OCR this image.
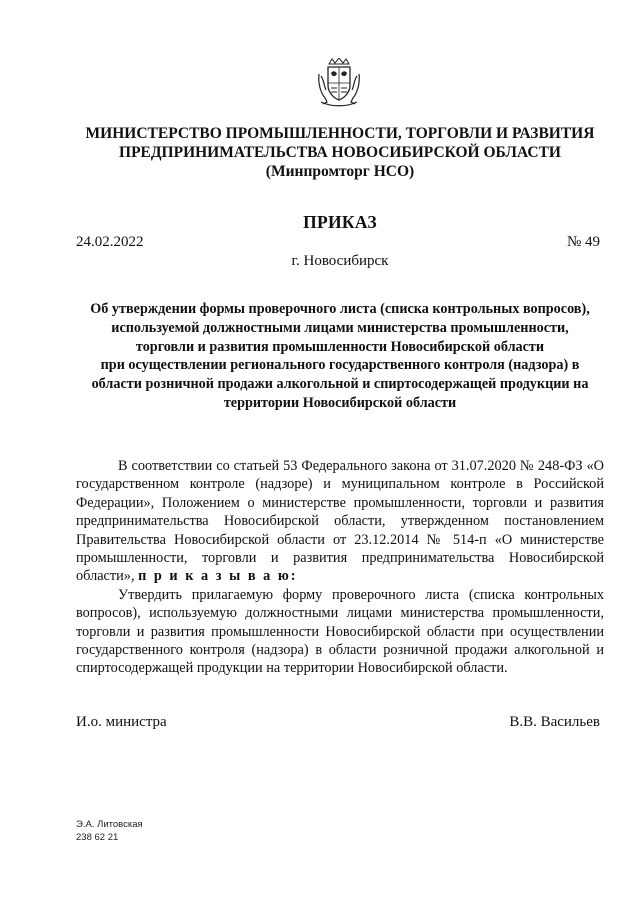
МИНИСТЕРСТВО ПРОМЫШЛЕННОСТИ, ТОРГОВЛИ И РАЗВИТИЯ
ПРЕДПРИНИМАТЕЛЬСТВА НОВОСИБИРСКОЙ ОБЛАСТИ
(Минпромторг НСО)
ПРИКАЗ
24.02.2022	№ 49
г. Новосибирск
Об утверждении формы проверочного листа (списка контрольных вопросов),
используемой должностными лицами министерства промышленности,
торговли и развития промышленности Новосибирской области
при осуществлении регионального государственного контроля (надзора) в
области розничной продажи алкогольной и спиртосодержащей продукции на
территории Новосибирской области

В соответствии со статьей 53 Федерального закона от 31.07.2020 № 248-ФЗ «О государственном контроле (надзоре) и муниципальном контроле в Российской Федерации», Положением о министерстве промышленности, торговли и развития предпринимательства Новосибирской области, утвержденном постановлением Правительства Новосибирской области от 23.12.2014 № 514-п «О министерстве промышленности, торговли и развития предпринимательства Новосибирской области», п р и к а з ы в а ю:

Утвердить прилагаемую форму проверочного листа (списка контрольных вопросов), используемую должностными лицами министерства промышленности, торговли и развития промышленности Новосибирской области при осуществлении государственного контроля (надзора) в области розничной продажи алкогольной и спиртосодержащей продукции на территории Новосибирской области.

И.о. министра	В.В. Васильев
Э.А. Литовская
238 62 21
